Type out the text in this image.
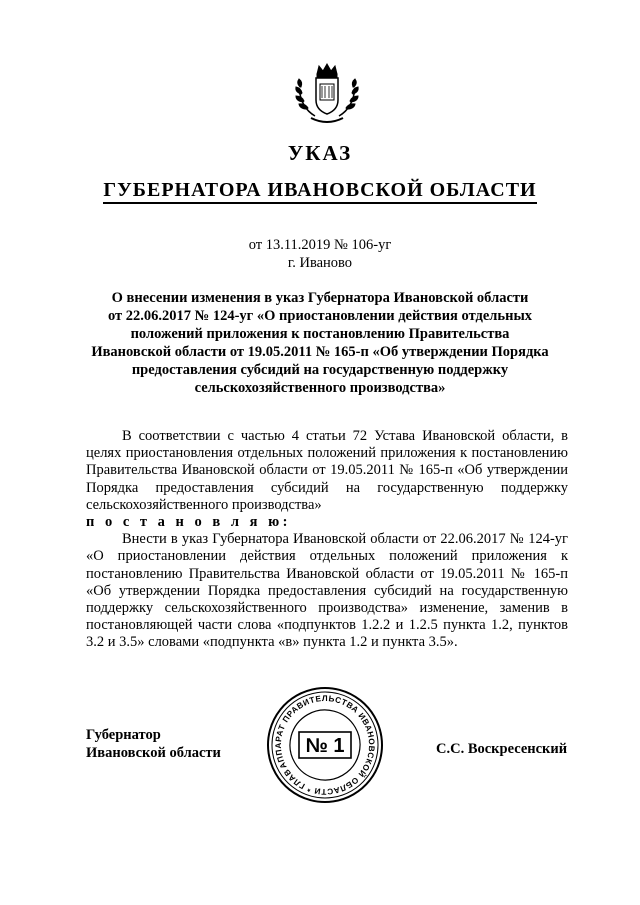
УКАЗ
ГУБЕРНАТОРА ИВАНОВСКОЙ ОБЛАСТИ
от 13.11.2019 № 106-уг
г. Иваново
О внесении изменения в указ Губернатора Ивановской области
от 22.06.2017 № 124-уг «О приостановлении действия отдельных
положений приложения к постановлению Правительства
Ивановской области от 19.05.2011 № 165-п «Об утверждении Порядка
предоставления субсидий на государственную поддержку
сельскохозяйственного производства»

В соответствии с частью 4 статьи 72 Устава Ивановской области, в целях приостановления отдельных положений приложения к постановлению Правительства Ивановской области от 19.05.2011 № 165-п «Об утверждении Порядка предоставления субсидий на государственную поддержку сельскохозяйственного производства»

п о с т а н о в л я ю:

Внести в указ Губернатора Ивановской области от 22.06.2017 № 124-уг «О приостановлении действия отдельных положений приложения к постановлению Правительства Ивановской области от 19.05.2011 № 165-п «Об утверждении Порядка предоставления субсидий на государственную поддержку сельскохозяйственного производства» изменение, заменив в постановляющей части слова «подпунктов 1.2.2 и 1.2.5 пункта 1.2, пунктов 3.2 и 3.5» словами «подпункта «в» пункта 1.2 и пункта 3.5».

Губернатор
Ивановской области
АППАРАТ ПРАВИТЕЛЬСТВА ИВАНОВСКОЙ ОБЛАСТИ * ГЛАВНОЕ
№ 1	С.С. Воскресенский
